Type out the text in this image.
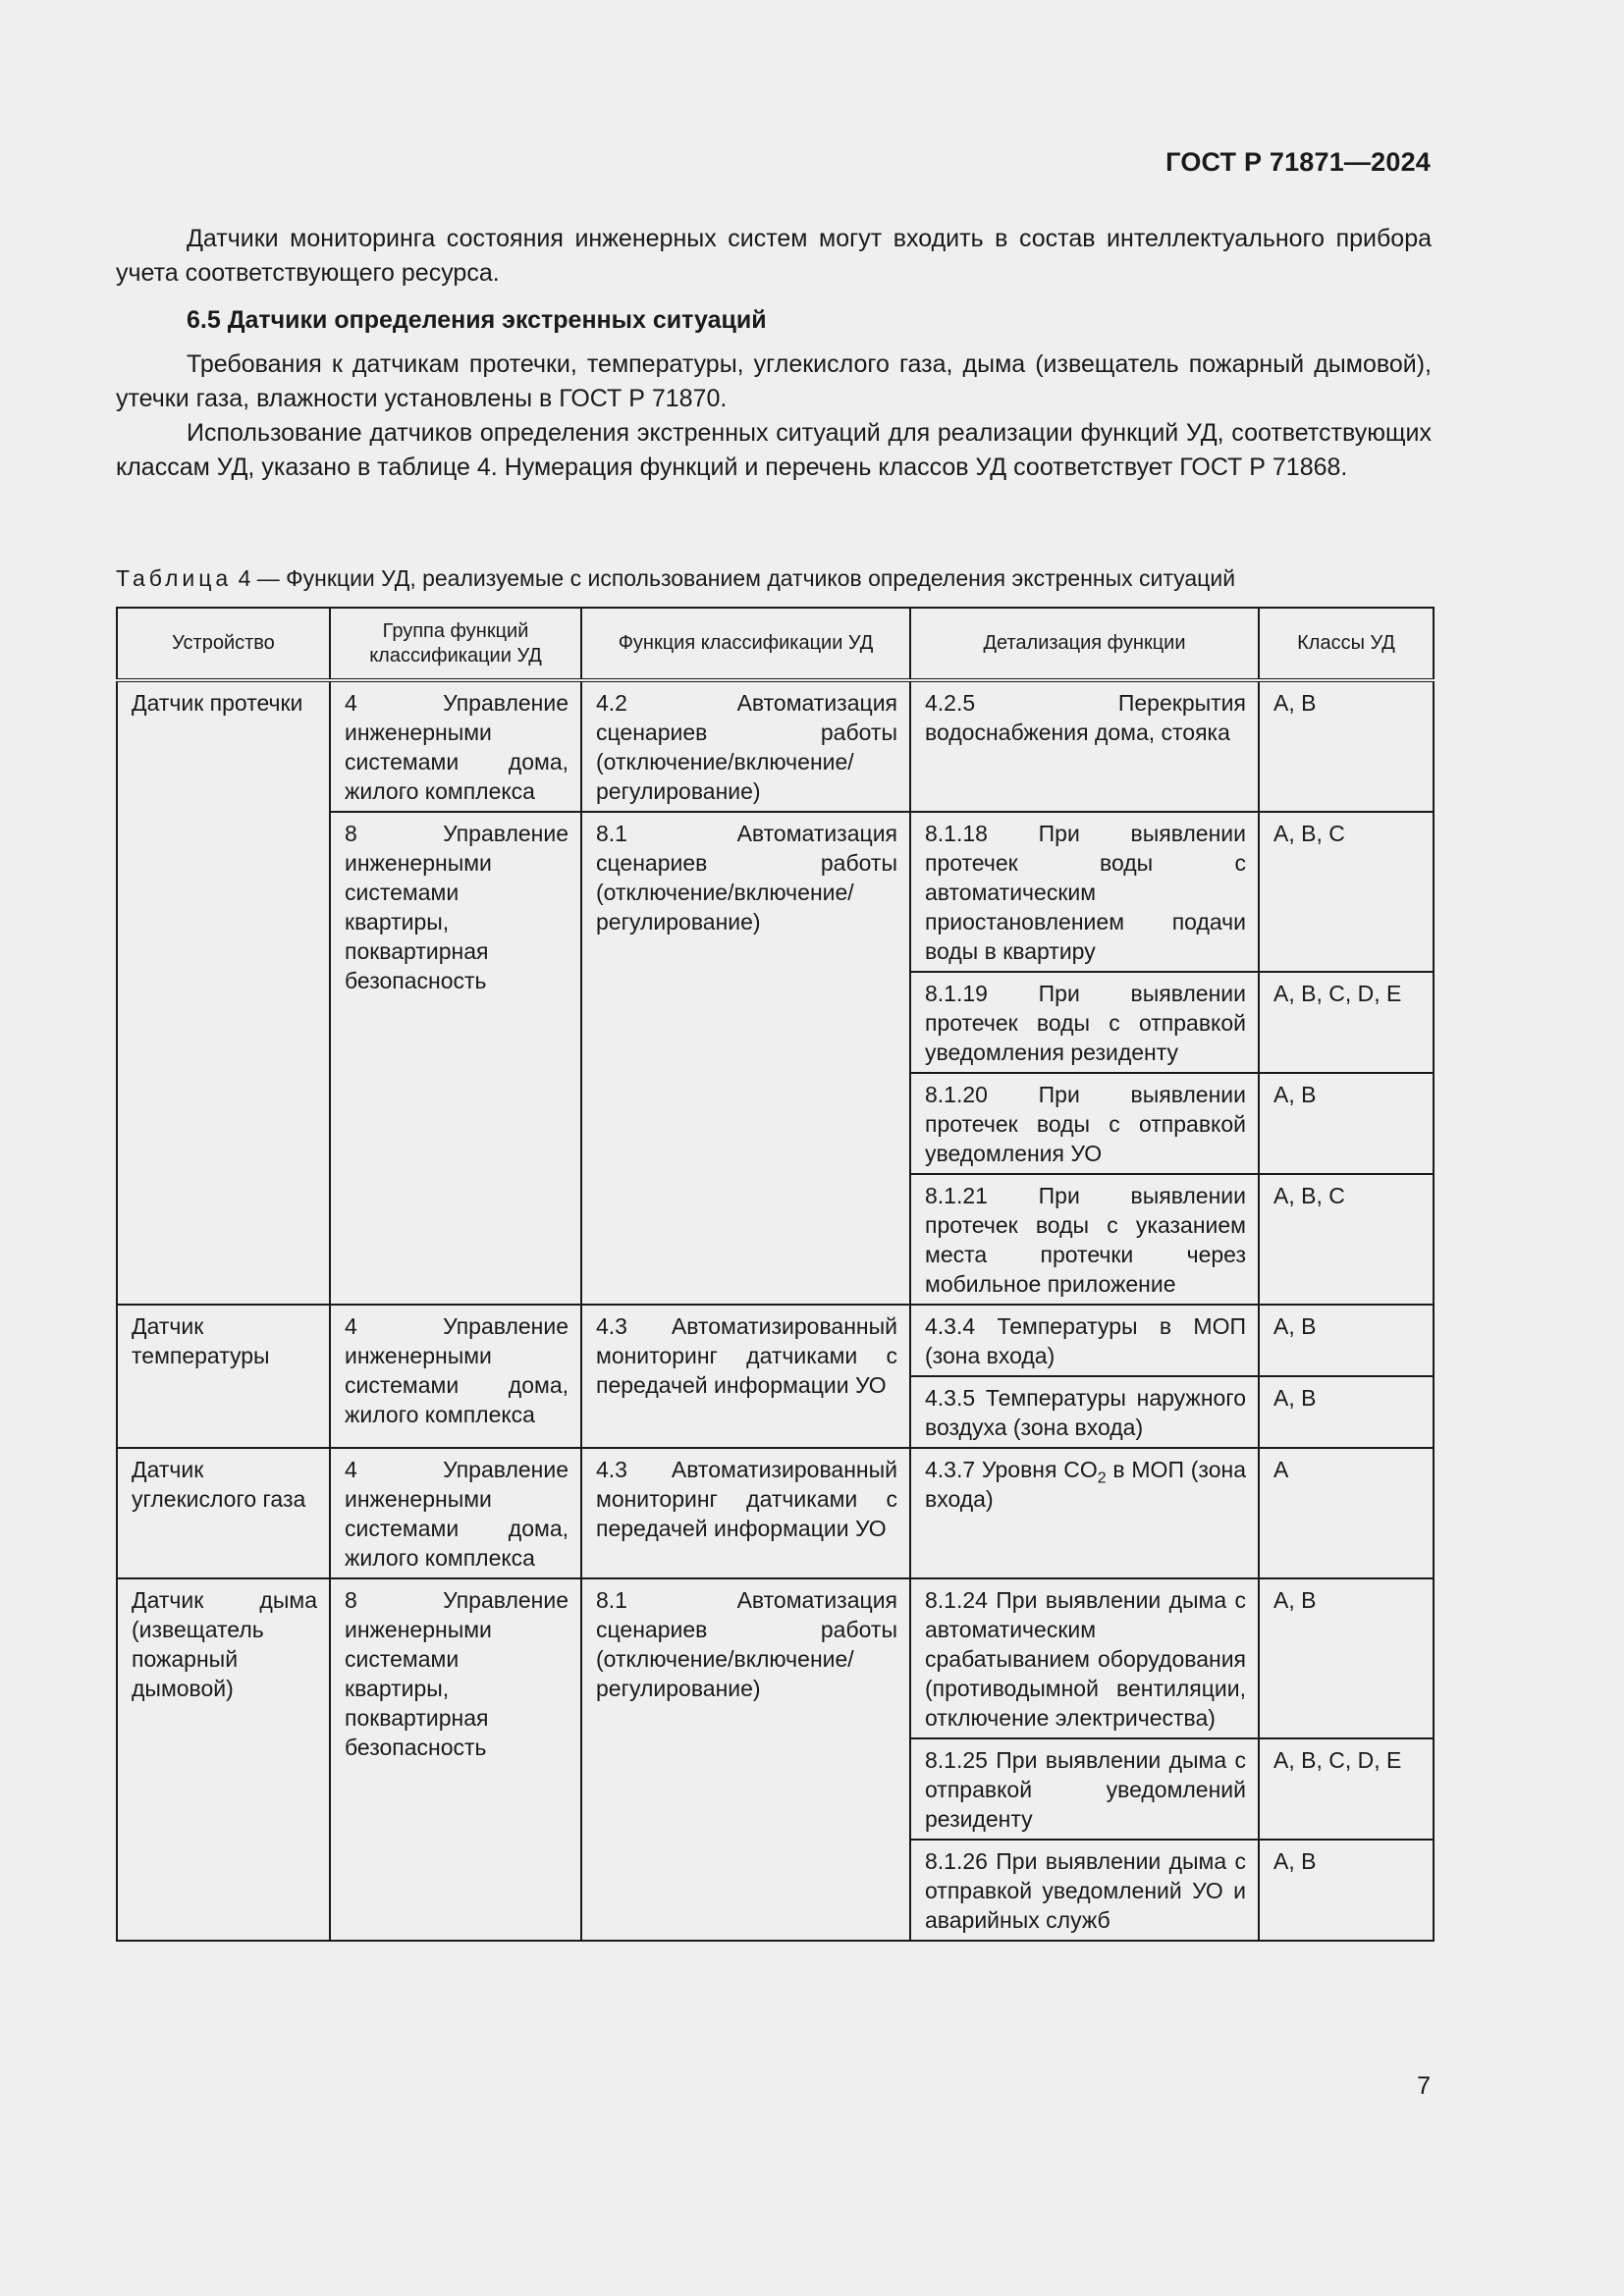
ГОСТ Р 71871—2024

Датчики мониторинга состояния инженерных систем могут входить в состав интеллектуального прибора учета соответствующего ресурса.

6.5 Датчики определения экстренных ситуаций

Требования к датчикам протечки, температуры, углекислого газа, дыма (извещатель пожарный дымовой), утечки газа, влажности установлены в ГОСТ Р 71870.

Использование датчиков определения экстренных ситуаций для реализации функций УД, соответствующих классам УД, указано в таблице 4. Нумерация функций и перечень классов УД соответствует ГОСТ Р 71868.

Таблица 4 — Функции УД, реализуемые с использованием датчиков определения экстренных ситуаций
Устройство	Группа функций классификации УД	Функция классификации УД	Детализация функции	Классы УД
Датчик протечки	4 Управление инженерными системами дома, жилого комплекса	4.2 Автоматизация сценариев работы (отключение/включение/регулирование)	4.2.5 Перекрытия водоснабжения дома, стояка	A, B
	8 Управление инженерными системами квартиры, поквартирная безопасность	8.1 Автоматизация сценариев работы (отключение/включение/регулирование)	8.1.18 При выявлении протечек воды с автоматическим приостановлением подачи воды в квартиру	A, B, C
			8.1.19 При выявлении протечек воды с отправкой уведомления резиденту	A, B, C, D, E
			8.1.20 При выявлении протечек воды с отправкой уведомления УО	A, B
			8.1.21 При выявлении протечек воды с указанием места протечки через мобильное приложение	A, B, C
Датчик температуры	4 Управление инженерными системами дома, жилого комплекса	4.3 Автоматизированный мониторинг датчиками с передачей информации УО	4.3.4 Температуры в МОП (зона входа)	A, B
			4.3.5 Температуры наружного воздуха (зона входа)	A, B
Датчик углекислого газа	4 Управление инженерными системами дома, жилого комплекса	4.3 Автоматизированный мониторинг датчиками с передачей информации УО	4.3.7 Уровня $CO_2$ в МОП (зона входа)	A
Датчик дыма (извещатель пожарный дымовой)	8 Управление инженерными системами квартиры, поквартирная безопасность	8.1 Автоматизация сценариев работы (отключение/включение/регулирование)	8.1.24 При выявлении дыма с автоматическим срабатыванием оборудования (противодымной вентиляции, отключение электричества)	A, B
			8.1.25 При выявлении дыма с отправкой уведомлений резиденту	A, B, C, D, E
			8.1.26 При выявлении дыма с отправкой уведомлений УО и аварийных служб	A, B
7
